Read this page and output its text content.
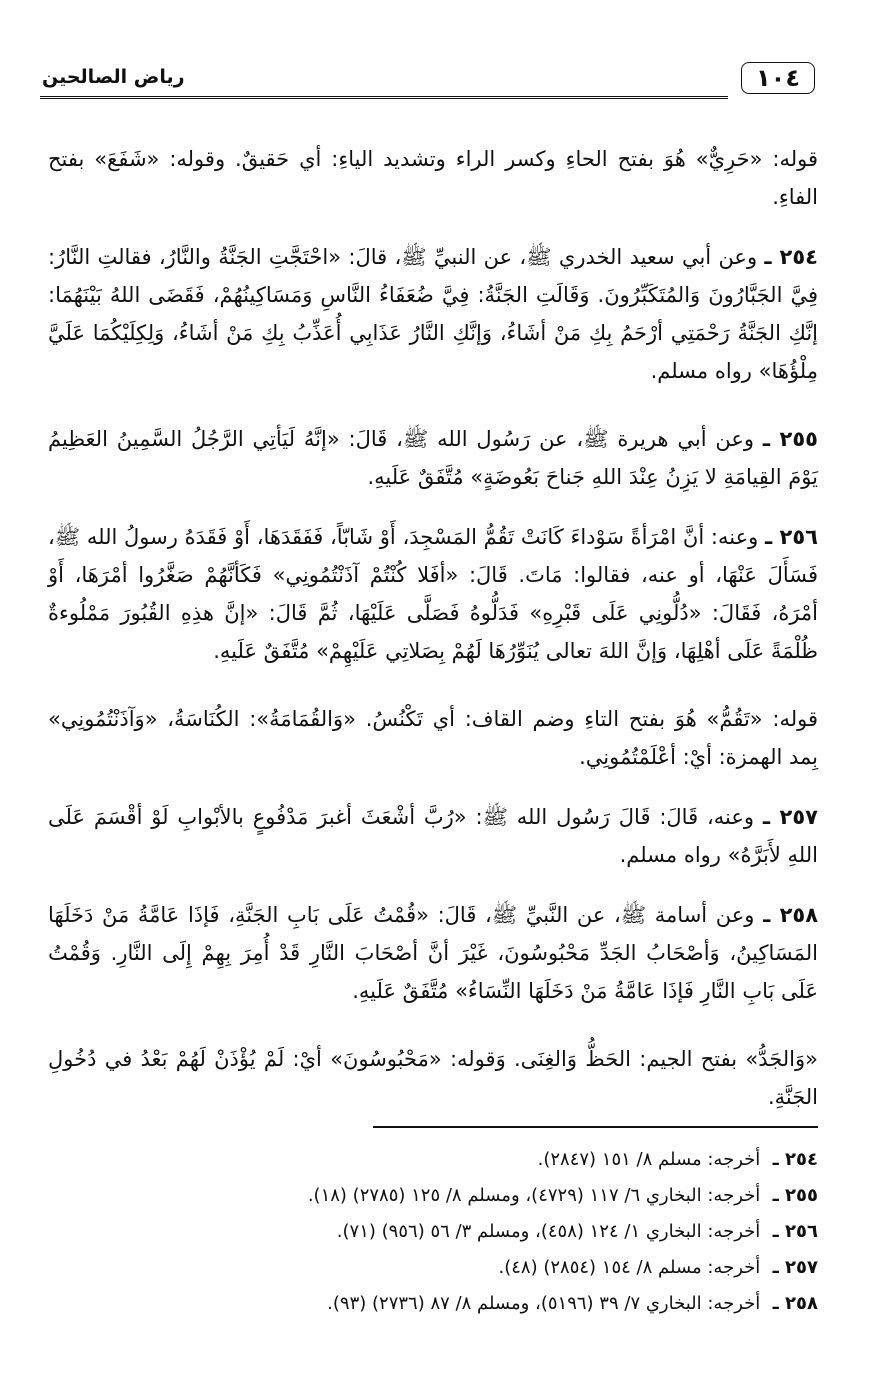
رياض الصالحين	١٠٤

قوله: «حَرِيٌّ» هُوَ بفتح الحاءِ وكسر الراء وتشديد الياءِ: أي حَقيقٌ. وقوله: «شَفَعَ» بفتح الفاءِ.

٢٥٤ ـ وعن أبي سعيد الخدري ﷺ، عن النبيِّ ﷺ، قالَ: «احْتَجَّتِ الجَنَّةُ والنَّارُ، فقالتِ النَّارُ: فِيَّ الجَبَّارُونَ وَالمُتَكَبِّرُونَ. وَقَالَتِ الجَنَّةُ: فِيَّ ضُعَفَاءُ النَّاسِ وَمَسَاكِينُهُمْ، فَقَضَى اللهُ بَيْنَهُمَا: إنَّكِ الجَنَّةُ رَحْمَتِي أرْحَمُ بِكِ مَنْ أشَاءُ، وَإنَّكِ النَّارُ عَذَابِي أُعَذِّبُ بِكِ مَنْ أشَاءُ، وَلِكِلَيْكُمَا عَلَيَّ مِلْؤُهَا» رواه مسلم.

٢٥٥ ـ وعن أبي هريرة ﷺ، عن رَسُول الله ﷺ، قَالَ: «إنَّهُ لَيَأتِي الرَّجُلُ السَّمِينُ العَظِيمُ يَوْمَ القِيامَةِ لا يَزِنُ عِنْدَ اللهِ جَناحَ بَعُوضَةٍ» مُتَّفَقٌ عَلَيهِ.

٢٥٦ ـ وعنه: أنَّ امْرَأةً سَوْداءَ كَانَتْ تَقُمُّ المَسْجِدَ، أَوْ شَابّاً، فَفَقَدَهَا، أَوْ فَقَدَهُ رسولُ الله ﷺ، فَسَأَلَ عَنْهَا، أو عنه، فقالوا: مَاتَ. قَالَ: «أفَلا كُنْتُمْ آذَنْتُمُونِي» فَكَأنَّهُمْ صَغَّرُوا أمْرَهَا، أَوْ أمْرَهُ، فَقَالَ: «دُلُّونِي عَلَى قَبْرِهِ» فَدَلُّوهُ فَصَلَّى عَلَيْهَا، ثُمَّ قَالَ: «إنَّ هذِهِ القُبُورَ مَمْلُوءةٌ ظُلْمَةً عَلَى أهْلِهَا، وَإنَّ اللهَ تعالى يُنَوِّرُهَا لَهُمْ بِصَلاتِي عَلَيْهِمْ» مُتَّفَقٌ عَلَيهِ.

قوله: «تَقُمُّ» هُوَ بفتح التاءِ وضم القاف: أي تَكْنُسُ. «وَالقُمَامَةُ»: الكُنَاسَةُ، «وَآذَنْتُمُونِي» بِمد الهمزة: أيْ: أعْلَمْتُمُونِي.

٢٥٧ ـ وعنه، قَالَ: قَالَ رَسُول الله ﷺ: «رُبَّ أشْعَثَ أغبرَ مَدْفُوعٍ بالأبْوابِ لَوْ أقْسَمَ عَلَى اللهِ لأَبَرَّهُ» رواه مسلم.

٢٥٨ ـ وعن أسامة ﷺ، عن النَّبيِّ ﷺ، قَالَ: «قُمْتُ عَلَى بَابِ الجَنَّةِ، فَإذَا عَامَّةُ مَنْ دَخَلَهَا المَسَاكِينُ، وَأصْحَابُ الجَدِّ مَحْبُوسُونَ، غَيْرَ أنَّ أصْحَابَ النَّارِ قَدْ أُمِرَ بِهِمْ إِلَى النَّارِ. وَقُمْتُ عَلَى بَابِ النَّارِ فَإذَا عَامَّةُ مَنْ دَخَلَهَا النِّسَاءُ» مُتَّفَقٌ عَلَيهِ.

«وَالجَدُّ» بفتح الجيم: الحَظُّ وَالغِنَى. وَقوله: «مَحْبُوسُونَ» أيْ: لَمْ يُؤْذَنْ لَهُمْ بَعْدُ في دُخُولِ الجَنَّةِ.

٢٥٤ ـ أخرجه: مسلم ٨/ ١٥١ (٢٨٤٧).
٢٥٥ ـ أخرجه: البخاري ٦/ ١١٧ (٤٧٢٩)، ومسلم ٨/ ١٢٥ (٢٧٨٥) (١٨).
٢٥٦ ـ أخرجه: البخاري ١/ ١٢٤ (٤٥٨)، ومسلم ٣/ ٥٦ (٩٥٦) (٧١).
٢٥٧ ـ أخرجه: مسلم ٨/ ١٥٤ (٢٨٥٤) (٤٨).
٢٥٨ ـ أخرجه: البخاري ٧/ ٣٩ (٥١٩٦)، ومسلم ٨/ ٨٧ (٢٧٣٦) (٩٣).
